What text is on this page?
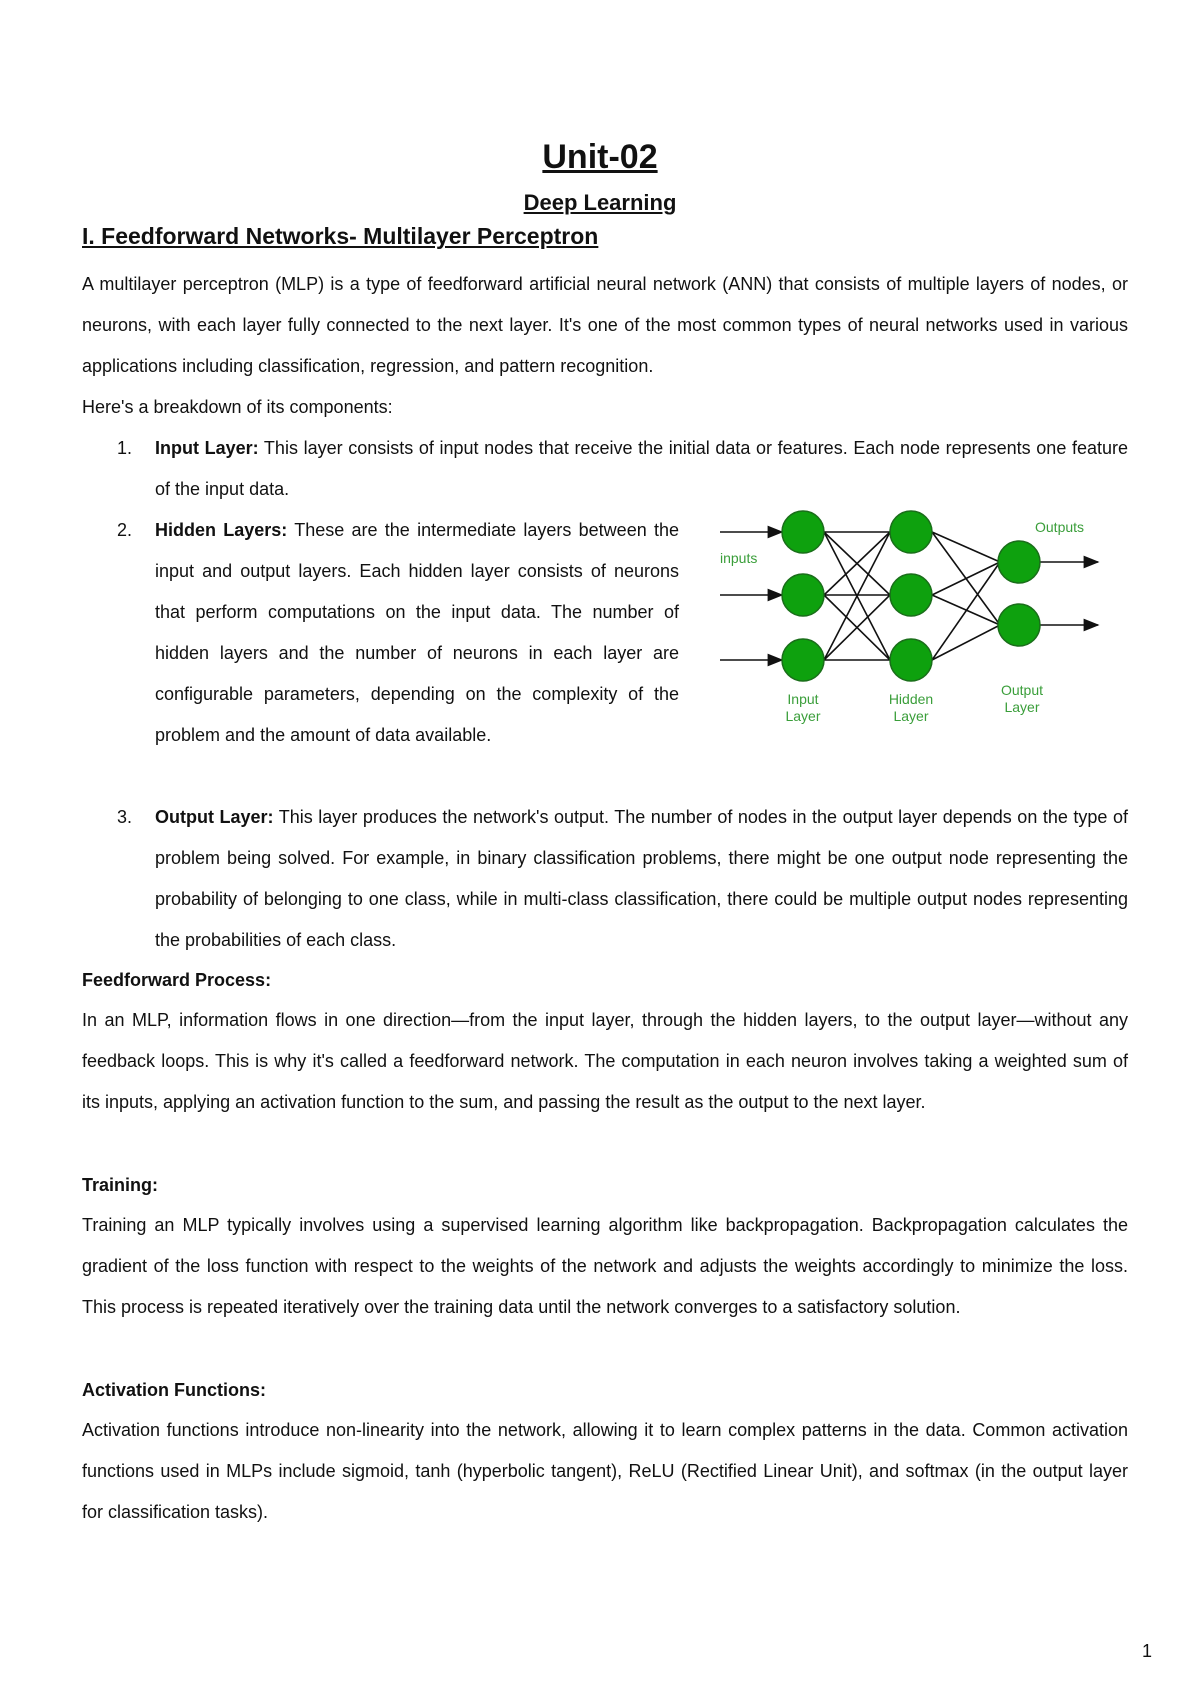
Unit-02
Deep Learning
I. Feedforward Networks- Multilayer Perceptron

A multilayer perceptron (MLP) is a type of feedforward artificial neural network (ANN) that consists of multiple layers of nodes, or neurons, with each layer fully connected to the next layer. It's one of the most common types of neural networks used in various applications including classification, regression, and pattern recognition.

Here's a breakdown of its components:

1. Input Layer: This layer consists of input nodes that receive the initial data or features. Each node represents one feature of the input data.

2. Hidden Layers: These are the intermediate layers between the input and output layers. Each hidden layer consists of neurons that perform computations on the input data. The number of hidden layers and the number of neurons in each layer are configurable parameters, depending on the complexity of the problem and the amount of data available.

inputs
Outputs
Input
Layer
Hidden
Layer
Output
Layer

3. Output Layer: This layer produces the network's output. The number of nodes in the output layer depends on the type of problem being solved. For example, in binary classification problems, there might be one output node representing the probability of belonging to one class, while in multi-class classification, there could be multiple output nodes representing the probabilities of each class.

Feedforward Process:

In an MLP, information flows in one direction—from the input layer, through the hidden layers, to the output layer—without any feedback loops. This is why it's called a feedforward network. The computation in each neuron involves taking a weighted sum of its inputs, applying an activation function to the sum, and passing the result as the output to the next layer.

Training:

Training an MLP typically involves using a supervised learning algorithm like backpropagation. Backpropagation calculates the gradient of the loss function with respect to the weights of the network and adjusts the weights accordingly to minimize the loss. This process is repeated iteratively over the training data until the network converges to a satisfactory solution.

Activation Functions:

Activation functions introduce non-linearity into the network, allowing it to learn complex patterns in the data. Common activation functions used in MLPs include sigmoid, tanh (hyperbolic tangent), ReLU (Rectified Linear Unit), and softmax (in the output layer for classification tasks).

1
